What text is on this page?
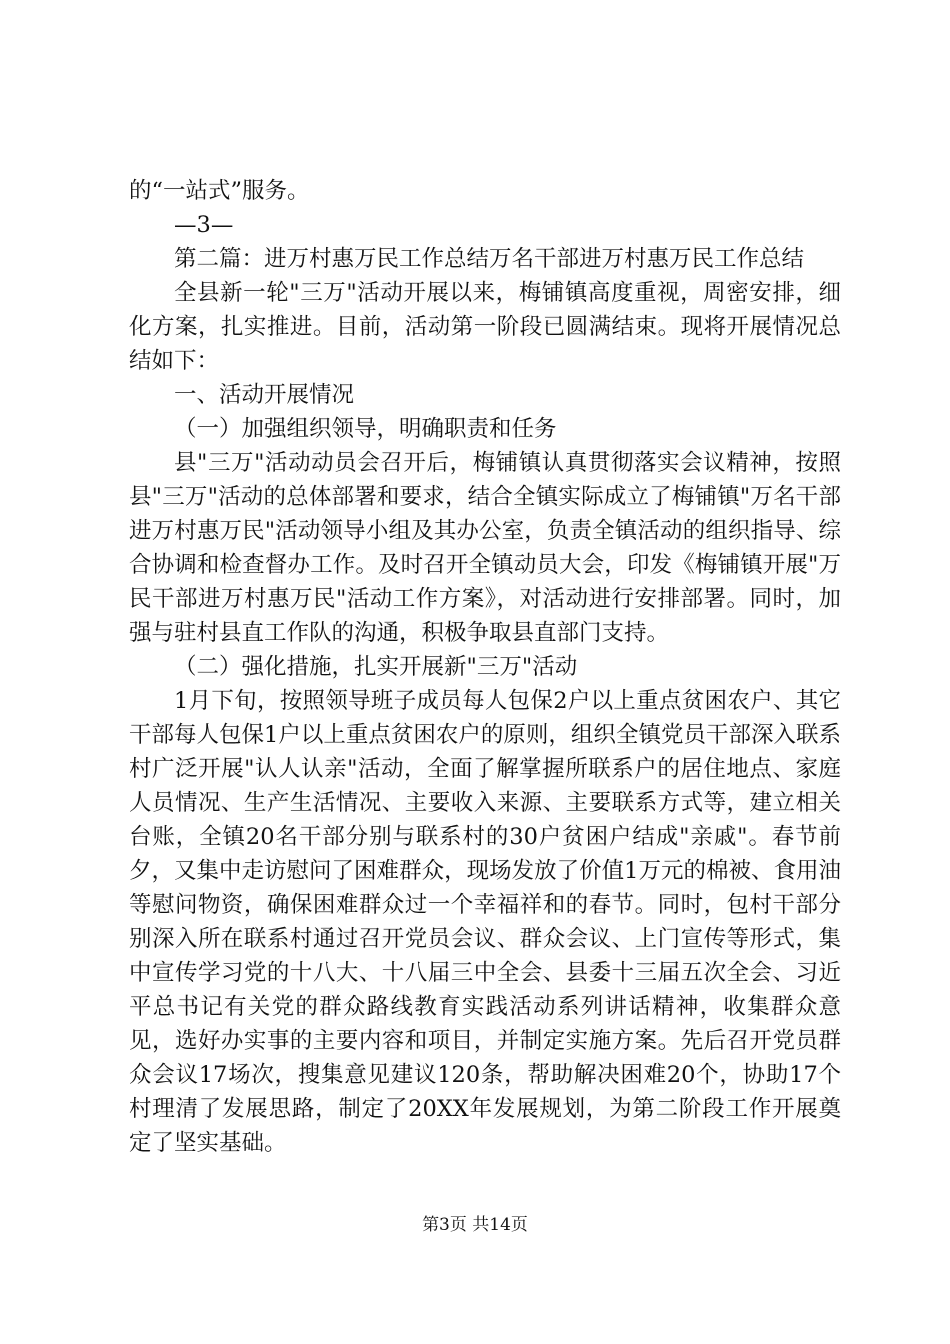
的“一站式”服务。

—3—

第二篇：进万村惠万民工作总结万名干部进万村惠万民工作总结

全县新一轮"三万"活动开展以来，梅铺镇高度重视，周密安排，细化方案，扎实推进。目前，活动第一阶段已圆满结束。现将开展情况总结如下：

一、活动开展情况

（一）加强组织领导，明确职责和任务

县"三万"活动动员会召开后，梅铺镇认真贯彻落实会议精神，按照县"三万"活动的总体部署和要求，结合全镇实际成立了梅铺镇"万名干部进万村惠万民"活动领导小组及其办公室，负责全镇活动的组织指导、综合协调和检查督办工作。及时召开全镇动员大会，印发《梅铺镇开展"万民干部进万村惠万民"活动工作方案》，对活动进行安排部署。同时，加强与驻村县直工作队的沟通，积极争取县直部门支持。

（二）强化措施，扎实开展新"三万"活动

1月下旬，按照领导班子成员每人包保2户以上重点贫困农户、其它干部每人包保1户以上重点贫困农户的原则，组织全镇党员干部深入联系村广泛开展"认人认亲"活动，全面了解掌握所联系户的居住地点、家庭人员情况、生产生活情况、主要收入来源、主要联系方式等，建立相关台账，全镇20名干部分别与联系村的30户贫困户结成"亲戚"。春节前夕，又集中走访慰问了困难群众，现场发放了价值1万元的棉被、食用油等慰问物资，确保困难群众过一个幸福祥和的春节。同时，包村干部分别深入所在联系村通过召开党员会议、群众会议、上门宣传等形式，集中宣传学习党的十八大、十八届三中全会、县委十三届五次全会、习近平总书记有关党的群众路线教育实践活动系列讲话精神，收集群众意见，选好办实事的主要内容和项目，并制定实施方案。先后召开党员群众会议17场次，搜集意见建议120条，帮助解决困难20个，协助17个村理清了发展思路，制定了20XX年发展规划，为第二阶段工作开展奠定了坚实基础。

第3页 共14页
